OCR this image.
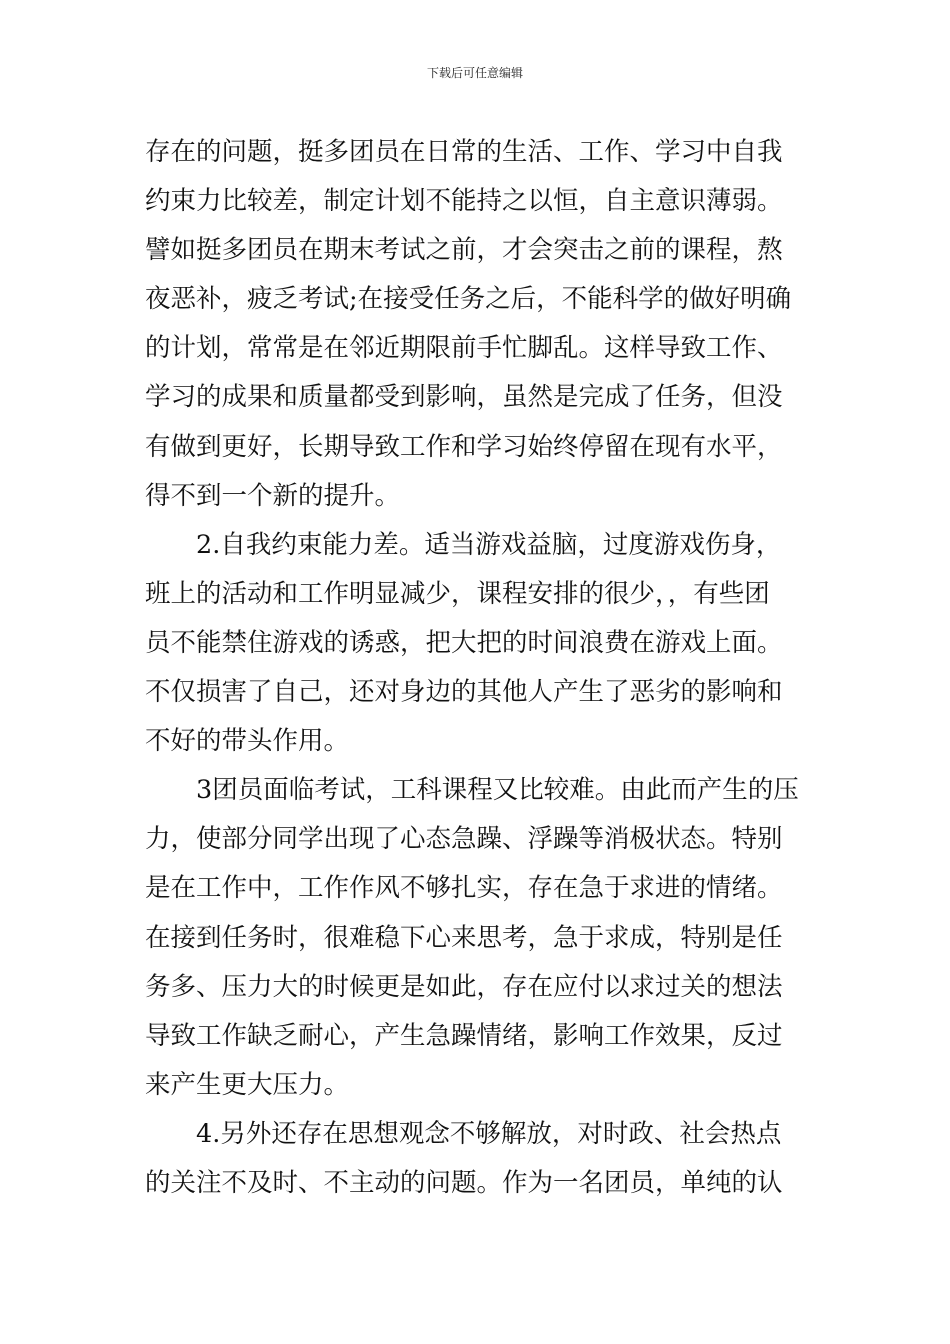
下载后可任意编辑
存在的问题，挺多团员在日常的生活、工作、学习中自我
约束力比较差，制定计划不能持之以恒，自主意识薄弱。
譬如挺多团员在期末考试之前，才会突击之前的课程，熬
夜恶补，疲乏考试;在接受任务之后，不能科学的做好明确
的计划，常常是在邻近期限前手忙脚乱。这样导致工作、
学习的成果和质量都受到影响，虽然是完成了任务，但没
有做到更好，长期导致工作和学习始终停留在现有水平，
得不到一个新的提升。
2.自我约束能力差。适当游戏益脑，过度游戏伤身，
班上的活动和工作明显减少，课程安排的很少，，有些团
员不能禁住游戏的诱惑，把大把的时间浪费在游戏上面。
不仅损害了自己，还对身边的其他人产生了恶劣的影响和
不好的带头作用。
3团员面临考试，工科课程又比较难。由此而产生的压
力，使部分同学出现了心态急躁、浮躁等消极状态。特别
是在工作中，工作作风不够扎实，存在急于求进的情绪。
在接到任务时，很难稳下心来思考，急于求成，特别是任
务多、压力大的时候更是如此，存在应付以求过关的想法
导致工作缺乏耐心，产生急躁情绪，影响工作效果，反过
来产生更大压力。
4.另外还存在思想观念不够解放，对时政、社会热点
的关注不及时、不主动的问题。作为一名团员，单纯的认
